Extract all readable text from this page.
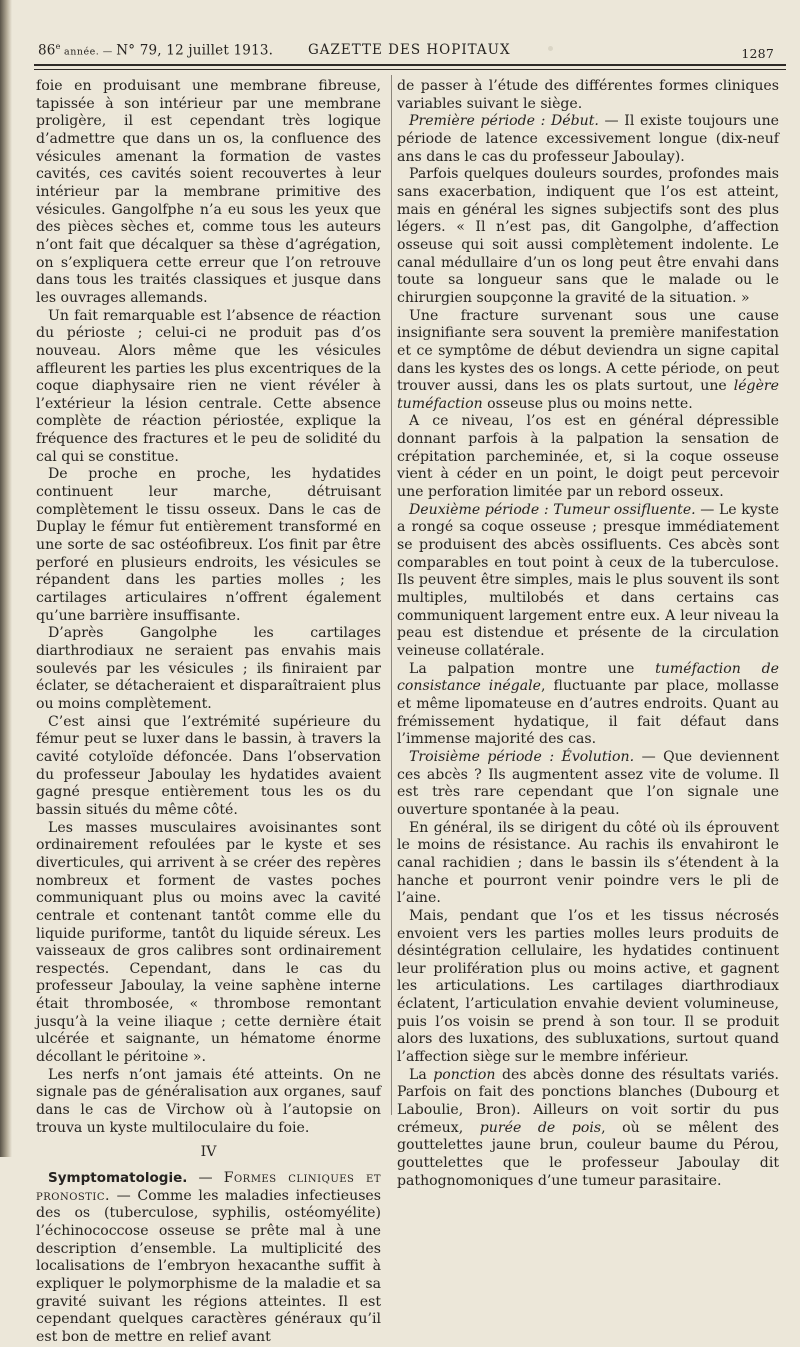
86e année. — N° 79, 12 juillet 1913.	GAZETTE DES HOPITAUX	1287

foie en produisant une membrane fibreuse, tapissée à son intérieur par une membrane proligère, il est cependant très logique d’admettre que dans un os, la confluence des vésicules amenant la formation de vastes cavités, ces cavités soient recouvertes à leur intérieur par la membrane primitive des vésicules. Gangolfphe n’a eu sous les yeux que des pièces sèches et, comme tous les auteurs n’ont fait que décalquer sa thèse d’agrégation, on s’expliquera cette erreur que l’on retrouve dans tous les traités classiques et jusque dans les ouvrages allemands.

Un fait remarquable est l’absence de réaction du périoste ; celui-ci ne produit pas d’os nouveau. Alors même que les vésicules affleurent les parties les plus excentriques de la coque diaphysaire rien ne vient révéler à l’extérieur la lésion centrale. Cette absence complète de réaction périostée, explique la fréquence des fractures et le peu de solidité du cal qui se constitue.

De proche en proche, les hydatides continuent leur marche, détruisant complètement le tissu osseux. Dans le cas de Duplay le fémur fut entièrement transformé en une sorte de sac ostéofibreux. L’os finit par être perforé en plusieurs endroits, les vésicules se répandent dans les parties molles ; les cartilages articulaires n’offrent également qu’une barrière insuffisante.

D’après Gangolphe les cartilages diarthrodiaux ne seraient pas envahis mais soulevés par les vésicules ; ils finiraient par éclater, se détacheraient et disparaîtraient plus ou moins complètement.

C’est ainsi que l’extrémité supérieure du fémur peut se luxer dans le bassin, à travers la cavité cotyloïde défoncée. Dans l’observation du professeur Jaboulay les hydatides avaient gagné presque entièrement tous les os du bassin situés du même côté.

Les masses musculaires avoisinantes sont ordinairement refoulées par le kyste et ses diverticules, qui arrivent à se créer des repères nombreux et forment de vastes poches communiquant plus ou moins avec la cavité centrale et contenant tantôt comme elle du liquide puriforme, tantôt du liquide séreux. Les vaisseaux de gros calibres sont ordinairement respectés. Cependant, dans le cas du professeur Jaboulay, la veine saphène interne était thrombosée, « thrombose remontant jusqu’à la veine iliaque ; cette dernière était ulcérée et saignante, un hématome énorme décollant le péritoine ».

Les nerfs n’ont jamais été atteints. On ne signale pas de généralisation aux organes, sauf dans le cas de Virchow où à l’autopsie on trouva un kyste multiloculaire du foie.

IV

Symptomatologie. — Formes cliniques et pronostic. — Comme les maladies infectieuses des os (tuberculose, syphilis, ostéomyélite) l’échinococcose osseuse se prête mal à une description d’ensemble. La multiplicité des localisations de l’embryon hexacanthe suffit à expliquer le polymorphisme de la maladie et sa gravité suivant les régions atteintes. Il est cependant quelques caractères généraux qu’il est bon de mettre en relief avant

de passer à l’étude des différentes formes cliniques variables suivant le siège.

Première période : Début. — Il existe toujours une période de latence excessivement longue (dix-neuf ans dans le cas du professeur Jaboulay).

Parfois quelques douleurs sourdes, profondes mais sans exacerbation, indiquent que l’os est atteint, mais en général les signes subjectifs sont des plus légers. « Il n’est pas, dit Gangolphe, d’affection osseuse qui soit aussi complètement indolente. Le canal médullaire d’un os long peut être envahi dans toute sa longueur sans que le malade ou le chirurgien soupçonne la gravité de la situation. »

Une fracture survenant sous une cause insignifiante sera souvent la première manifestation et ce symptôme de début deviendra un signe capital dans les kystes des os longs. A cette période, on peut trouver aussi, dans les os plats surtout, une légère tuméfaction osseuse plus ou moins nette.

A ce niveau, l’os est en général dépressible donnant parfois à la palpation la sensation de crépitation parcheminée, et, si la coque osseuse vient à céder en un point, le doigt peut percevoir une perforation limitée par un rebord osseux.

Deuxième période : Tumeur ossifluente. — Le kyste a rongé sa coque osseuse ; presque immédiatement se produisent des abcès ossifluents. Ces abcès sont comparables en tout point à ceux de la tuberculose. Ils peuvent être simples, mais le plus souvent ils sont multiples, multilobés et dans certains cas communiquent largement entre eux. A leur niveau la peau est distendue et présente de la circulation veineuse collatérale.

La palpation montre une tuméfaction de consistance inégale, fluctuante par place, mollasse et même lipomateuse en d’autres endroits. Quant au frémissement hydatique, il fait défaut dans l’immense majorité des cas.

Troisième période : Évolution. — Que deviennent ces abcès ? Ils augmentent assez vite de volume. Il est très rare cependant que l’on signale une ouverture spontanée à la peau.

En général, ils se dirigent du côté où ils éprouvent le moins de résistance. Au rachis ils envahiront le canal rachidien ; dans le bassin ils s’étendent à la hanche et pourront venir poindre vers le pli de l’aine.

Mais, pendant que l’os et les tissus nécrosés envoient vers les parties molles leurs produits de désintégration cellulaire, les hydatides continuent leur prolifération plus ou moins active, et gagnent les articulations. Les cartilages diarthrodiaux éclatent, l’articulation envahie devient volumineuse, puis l’os voisin se prend à son tour. Il se produit alors des luxations, des subluxations, surtout quand l’affection siège sur le membre inférieur.

La ponction des abcès donne des résultats variés. Parfois on fait des ponctions blanches (Dubourg et Laboulie, Bron). Ailleurs on voit sortir du pus crémeux, purée de pois, où se mêlent des gouttelettes jaune brun, couleur baume du Pérou, gouttelettes que le professeur Jaboulay dit pathognomoniques d’une tumeur parasitaire.
